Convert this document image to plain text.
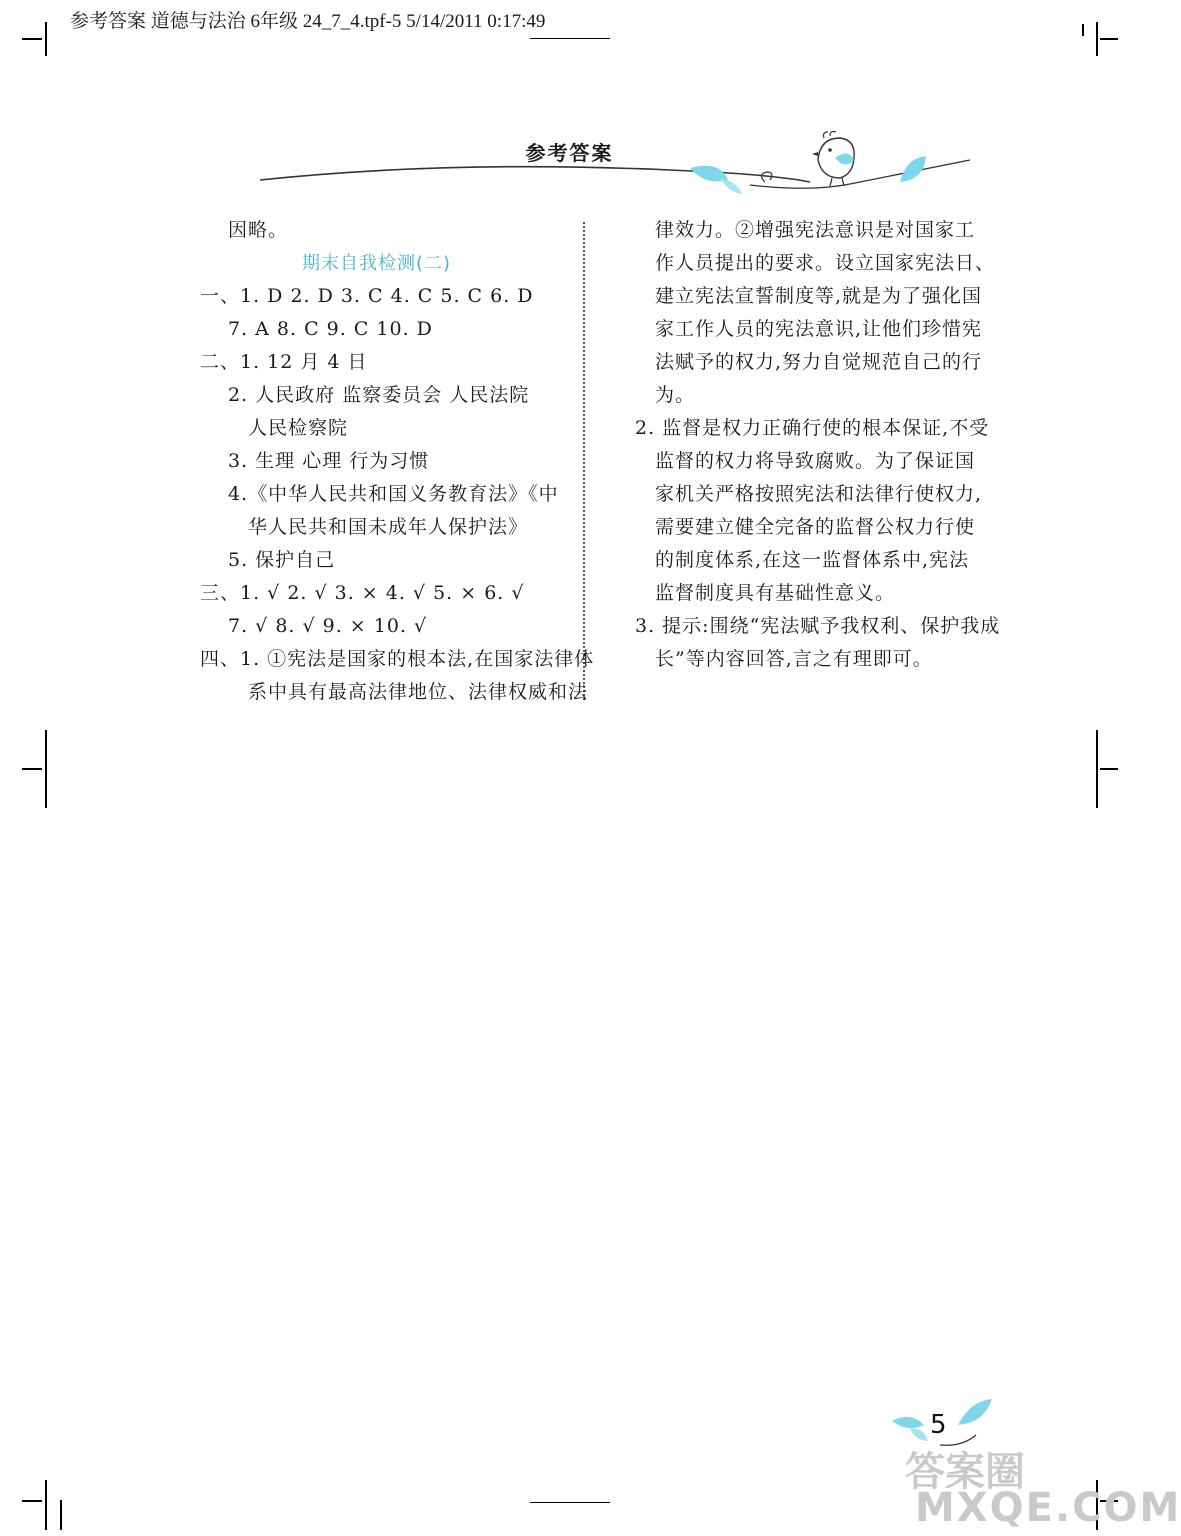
参考答案 道德与法治 6年级 24_7_4.tpf-5 5/14/2011 0:17:49
参考答案
因略。
期末自我检测(二)
一、1. D 2. D 3. C 4. C 5. C 6. D
7. A 8. C 9. C 10. D
二、1. 12 月 4 日
2. 人民政府 监察委员会 人民法院
人民检察院
3. 生理 心理 行为习惯
4.《中华人民共和国义务教育法》《中
华人民共和国未成年人保护法》
5. 保护自己
三、1. √ 2. √ 3. × 4. √ 5. × 6. √
7. √ 8. √ 9. × 10. √
四、1. ①宪法是国家的根本法,在国家法律体
系中具有最高法律地位、法律权威和法
律效力。②增强宪法意识是对国家工
作人员提出的要求。设立国家宪法日、
建立宪法宣誓制度等,就是为了强化国
家工作人员的宪法意识,让他们珍惜宪
法赋予的权力,努力自觉规范自己的行
为。
2. 监督是权力正确行使的根本保证,不受
监督的权力将导致腐败。为了保证国
家机关严格按照宪法和法律行使权力,
需要建立健全完备的监督公权力行使
的制度体系,在这一监督体系中,宪法
监督制度具有基础性意义。
3. 提示:围绕“宪法赋予我权利、保护我成
长”等内容回答,言之有理即可。
5
答案圈
MXQE.COM
